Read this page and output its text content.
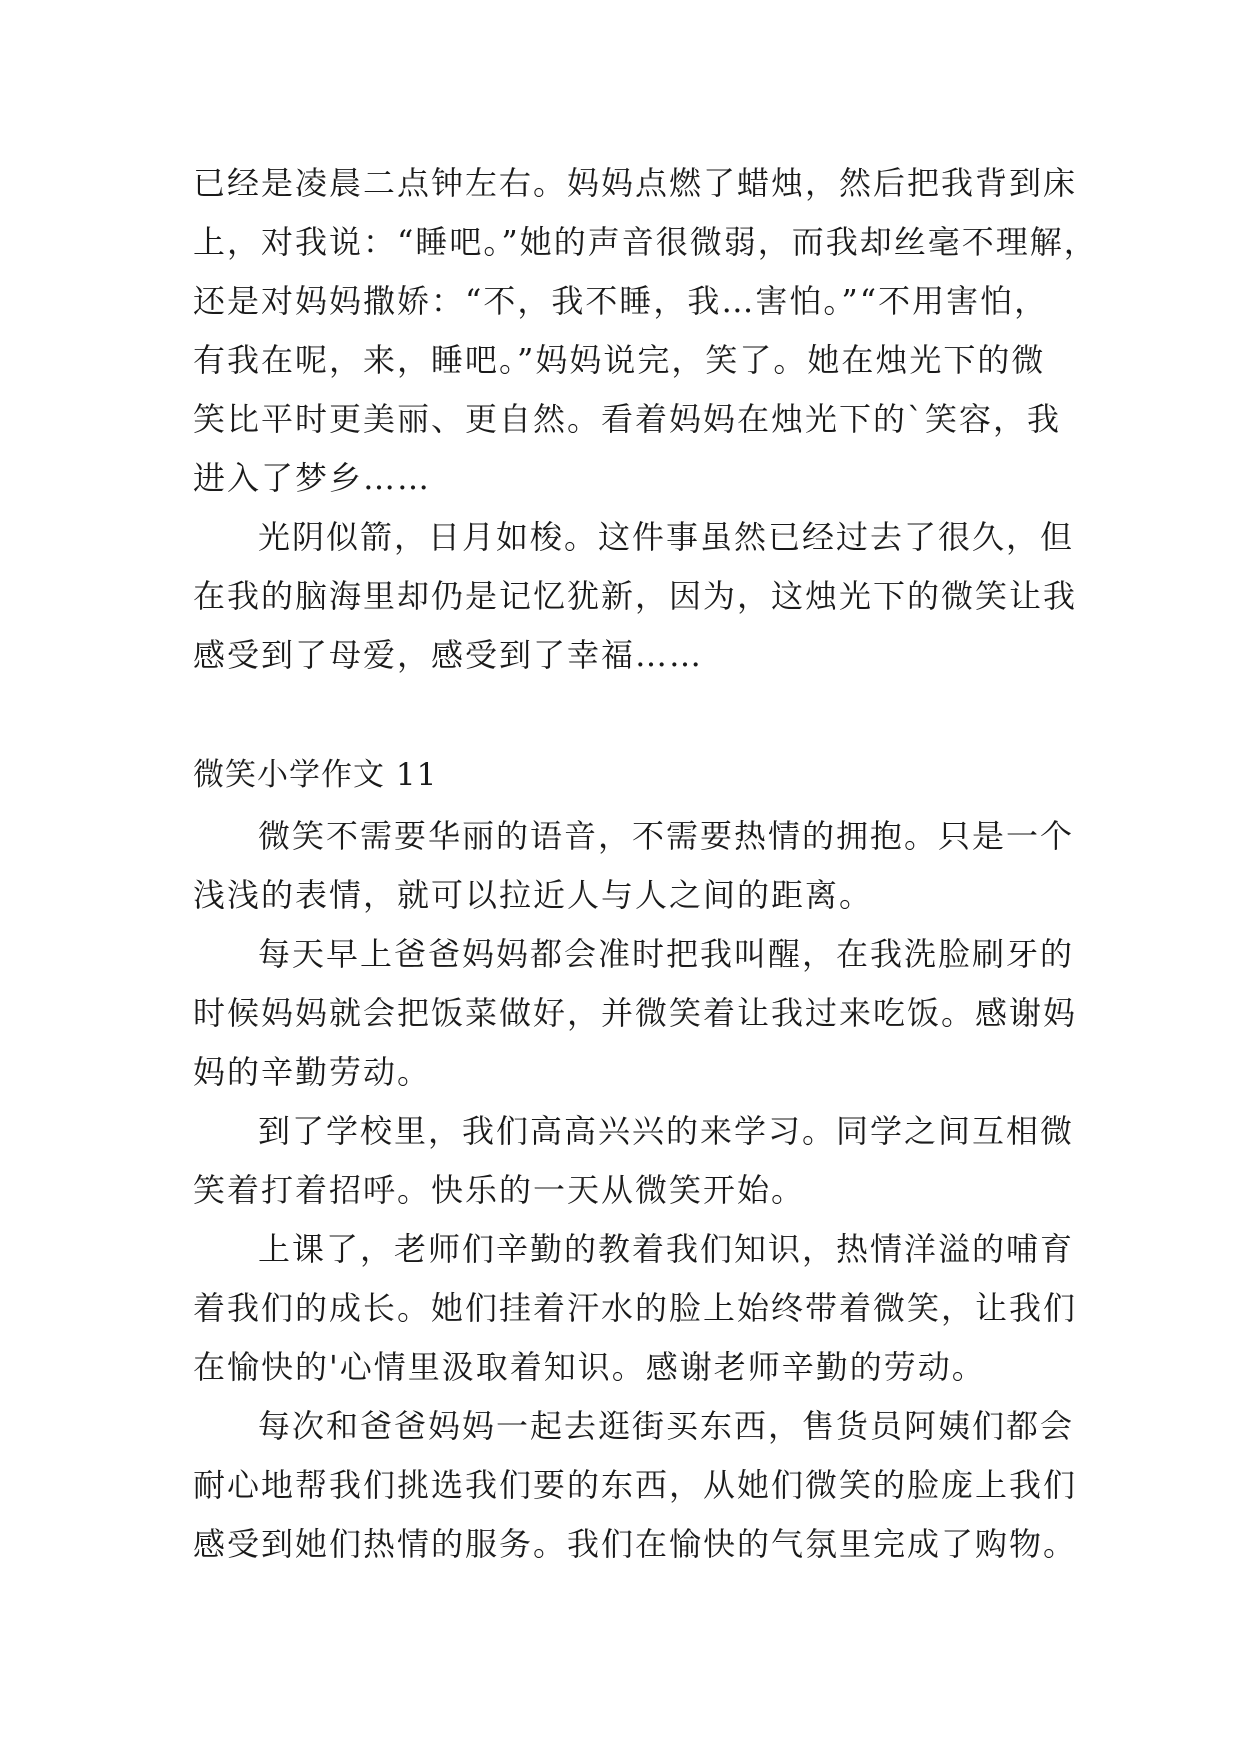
已经是凌晨二点钟左右。妈妈点燃了蜡烛，然后把我背到床
上，对我说：“睡吧。”她的声音很微弱，而我却丝毫不理解，
还是对妈妈撒娇：“不，我不睡，我…害怕。”“不用害怕，
有我在呢，来，睡吧。”妈妈说完，笑了。她在烛光下的微
笑比平时更美丽、更自然。看着妈妈在烛光下的`笑容，我
进入了梦乡……
光阴似箭，日月如梭。这件事虽然已经过去了很久，但
在我的脑海里却仍是记忆犹新，因为，这烛光下的微笑让我
感受到了母爱，感受到了幸福……
微笑小学作文 11
微笑不需要华丽的语音，不需要热情的拥抱。只是一个
浅浅的表情，就可以拉近人与人之间的距离。
每天早上爸爸妈妈都会准时把我叫醒，在我洗脸刷牙的
时候妈妈就会把饭菜做好，并微笑着让我过来吃饭。感谢妈
妈的辛勤劳动。
到了学校里，我们高高兴兴的来学习。同学之间互相微
笑着打着招呼。快乐的一天从微笑开始。
上课了，老师们辛勤的教着我们知识，热情洋溢的哺育
着我们的成长。她们挂着汗水的脸上始终带着微笑，让我们
在愉快的'心情里汲取着知识。感谢老师辛勤的劳动。
每次和爸爸妈妈一起去逛街买东西，售货员阿姨们都会
耐心地帮我们挑选我们要的东西，从她们微笑的脸庞上我们
感受到她们热情的服务。我们在愉快的气氛里完成了购物。
